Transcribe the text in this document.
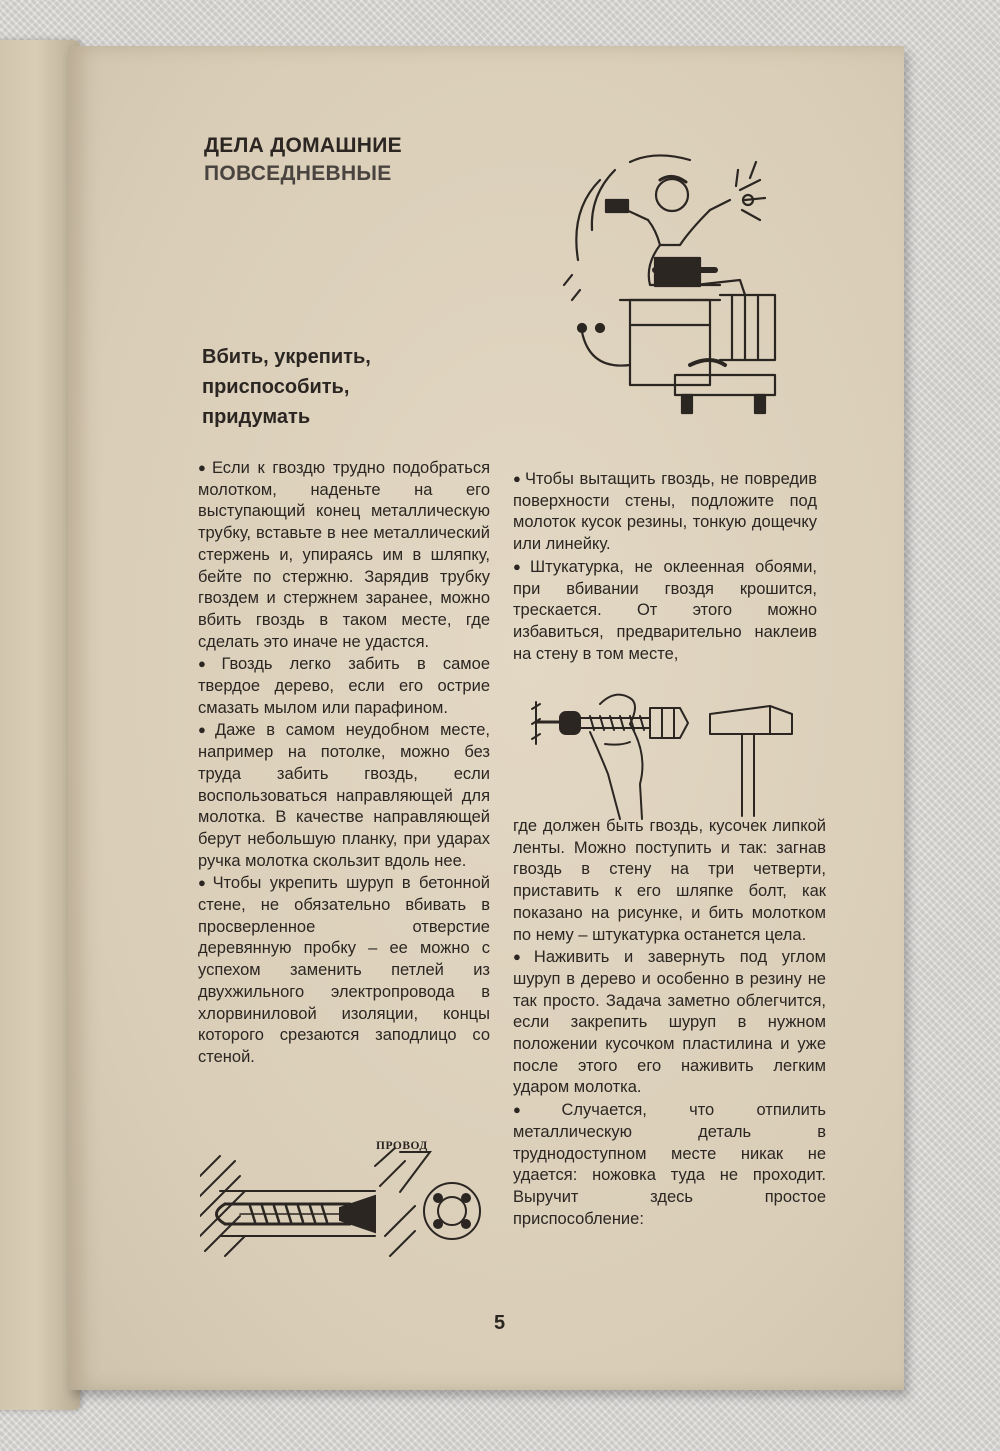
ДЕЛА ДОМАШНИЕ
ПОВСЕДНЕВНЫЕ
Вбить, укрепить,
приспособить,
придумать

● Если к гвоздю трудно подобраться молотком, наденьте на его выступающий конец металлическую трубку, вставьте в нее металлический стержень и, упираясь им в шляпку, бейте по стержню. Зарядив трубку гвоздем и стержнем заранее, можно вбить гвоздь в таком месте, где сделать это иначе не удастся.

● Гвоздь легко забить в самое твердое дерево, если его острие смазать мылом или парафином.

● Даже в самом неудобном месте, например на потолке, можно без труда забить гвоздь, если воспользоваться направляющей для молотка. В качестве направляющей берут небольшую планку, при ударах ручка молотка скользит вдоль нее.

● Чтобы укрепить шуруп в бетонной стене, не обязательно вбивать в просверленное отверстие деревянную пробку – ее можно с успехом заменить петлей из двухжильного электропровода в хлорвиниловой изоляции, концы которого срезаются заподлицо со стеной.

ПРОВОД

● Чтобы вытащить гвоздь, не повредив поверхности стены, подложите под молоток кусок резины, тонкую дощечку или линейку.

● Штукатурка, не оклеенная обоями, при вбивании гвоздя крошится, трескается. От этого можно избавиться, предварительно наклеив на стену в том месте,

где должен быть гвоздь, кусочек липкой ленты. Можно поступить и так: загнав гвоздь в стену на три четверти, приставить к его шляпке болт, как показано на рисунке, и бить молотком по нему – штукатурка останется цела.

● Наживить и завернуть под углом шуруп в дерево и особенно в резину не так просто. Задача заметно облегчится, если закрепить шуруп в нужном положении кусочком пластилина и уже после этого его наживить легким ударом молотка.

● Случается, что отпилить металлическую деталь в труднодоступном месте никак не удается: ножовка туда не проходит. Выручит здесь простое приспособление:

5
